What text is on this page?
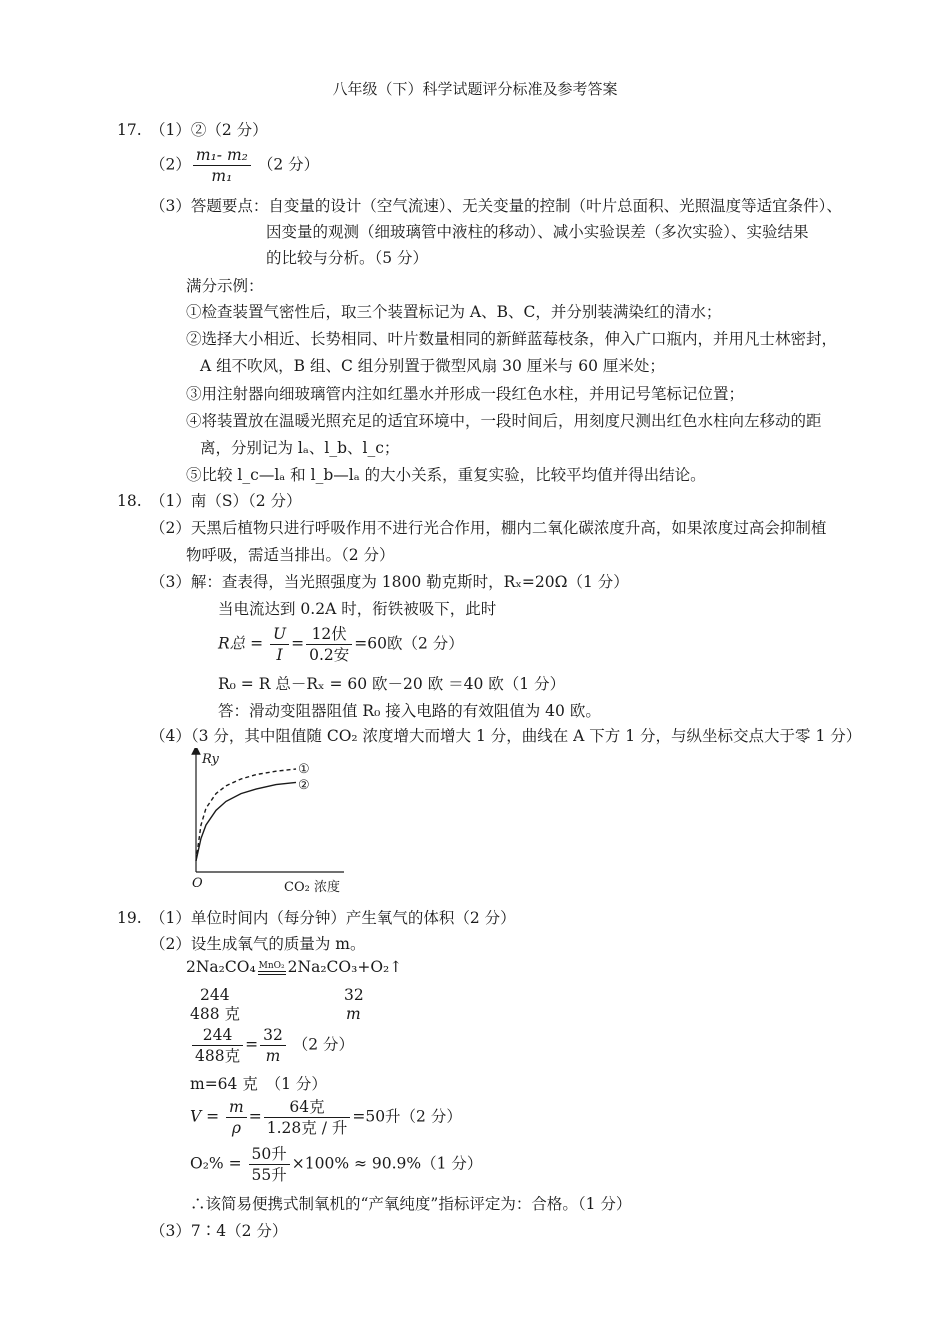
八年级（下）科学试题评分标准及参考答案
17. （1）②（2 分）
$(2) \frac{\text{m₁- m₂}}{\text{m₁}} (2$ 分）
（3）答题要点：自变量的设计（空气流速）、无关变量的控制（叶片总面积、光照温度等适宜条件）、
因变量的观测（细玻璃管中液柱的移动）、减小实验误差（多次实验）、实验结果
的比较与分析。（5 分）
满分示例：
①检查装置气密性后，取三个装置标记为 A、B、C，并分别装满染红的清水；
②选择大小相近、长势相同、叶片数量相同的新鲜蓝莓枝条，伸入广口瓶内，并用凡士林密封，
A 组不吹风，B 组、C 组分别置于微型风扇 30 厘米与 60 厘米处；
③用注射器向细玻璃管内注如红墨水并形成一段红色水柱，并用记号笔标记位置；
④将装置放在温暖光照充足的适宜环境中，一段时间后，用刻度尺测出红色水柱向左移动的距
离，分别记为 lₐ、l_b、l_c；
⑤比较 l_c—lₐ 和 l_b—lₐ 的大小关系，重复实验，比较平均值并得出结论。
18. （1）南（S）（2 分）
（2）天黑后植物只进行呼吸作用不进行光合作用，棚内二氧化碳浓度升高，如果浓度过高会抑制植
物呼吸，需适当排出。（2 分）
（3）解：查表得，当光照强度为 1800 勒克斯时，Rₓ=20Ω（1 分）
当电流达到 0.2A 时，衔铁被吸下，此时
R总 = $\frac{U}{I} = \frac{\text{12伏}}{\text{0.2安}} =60$欧（2 分）
R₀ = R 总－Rₓ = 60 欧－20 欧 ＝40 欧（1 分）
答：滑动变阻器阻值 R₀ 接入电路的有效阻值为 40 欧。
（4）（3 分，其中阻值随 CO₂ 浓度增大而增大 1 分，曲线在 A 下方 1 分，与纵坐标交点大于零 1 分）
Ry
O	CO₂ 浓度
①
②
19. （1）单位时间内（每分钟）产生氧气的体积（2 分）
（2）设生成氧气的质量为 m。
2Na₂CO₄ MnO₂ 2Na₂CO₃+O₂↑
244	32
488 克	m
$\frac{244}{\text{488克}} = \frac{32}{m} (2$ 分）
m=64 克　（1 分）
$V = \frac{m}{\rho} = \frac{\text{64克}}{\text{1.28克 / 升}} =50$升（2 分）
$O_2\% = \frac{\text{50升}}{\text{55升}} \times 100\% \approx 90.9\%(1$ 分）
∴该简易便携式制氧机的“产氧纯度”指标评定为：合格。（1 分）
（3）7∶4（2 分）
